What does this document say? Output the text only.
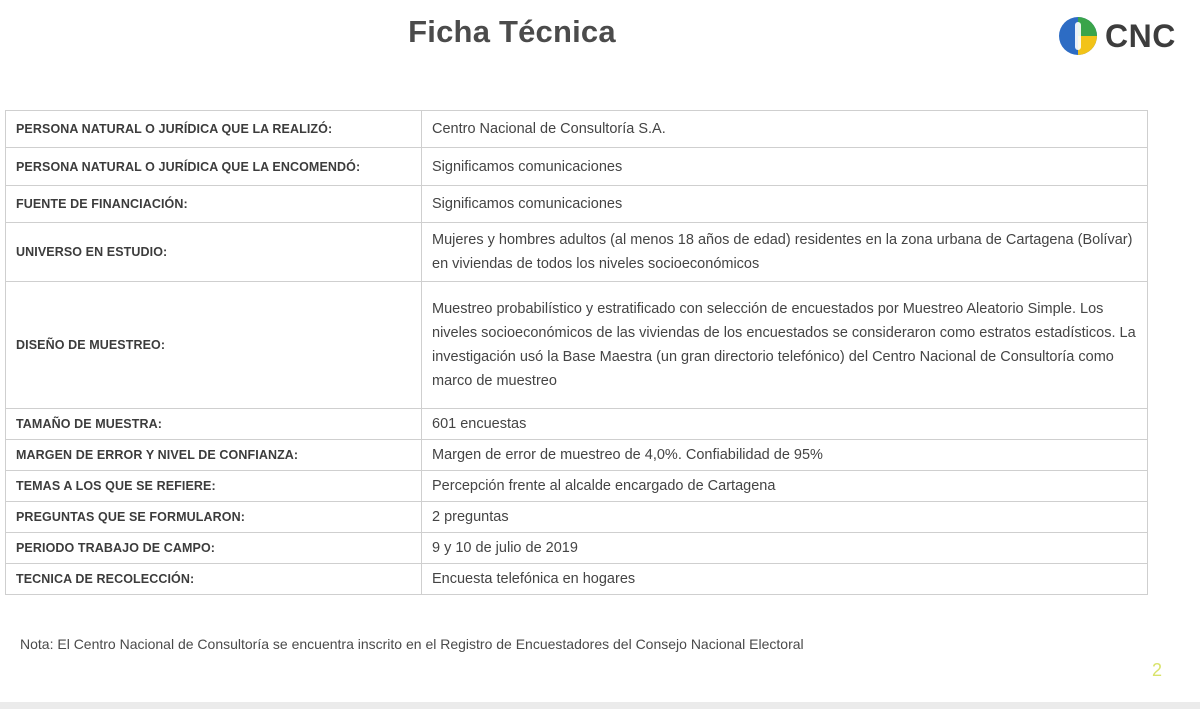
Ficha Técnica	CNC
PERSONA NATURAL O JURÍDICA QUE LA REALIZÓ:	Centro Nacional de Consultoría S.A.
PERSONA NATURAL O JURÍDICA QUE LA ENCOMENDÓ:	Significamos comunicaciones
FUENTE DE FINANCIACIÓN:	Significamos comunicaciones
UNIVERSO EN ESTUDIO:	Mujeres y hombres adultos (al menos 18 años de edad) residentes en la zona urbana de Cartagena (Bolívar) en viviendas de todos los niveles socioeconómicos
DISEÑO DE MUESTREO:	Muestreo probabilístico y estratificado con selección de encuestados por Muestreo Aleatorio Simple. Los niveles socioeconómicos de las viviendas de los encuestados se consideraron como estratos estadísticos. La investigación usó la Base Maestra (un gran directorio telefónico) del Centro Nacional de Consultoría como marco de muestreo
TAMAÑO DE MUESTRA:	601 encuestas
MARGEN DE ERROR Y NIVEL DE CONFIANZA:	Margen de error de muestreo de 4,0%. Confiabilidad de 95%
TEMAS A LOS QUE SE REFIERE:	Percepción frente al alcalde encargado de Cartagena
PREGUNTAS QUE SE FORMULARON:	2 preguntas
PERIODO TRABAJO DE CAMPO:	9 y 10 de julio de 2019
TECNICA DE RECOLECCIÓN:	Encuesta telefónica en hogares
Nota: El Centro Nacional de Consultoría se encuentra inscrito en el Registro de Encuestadores del Consejo Nacional Electoral
2
